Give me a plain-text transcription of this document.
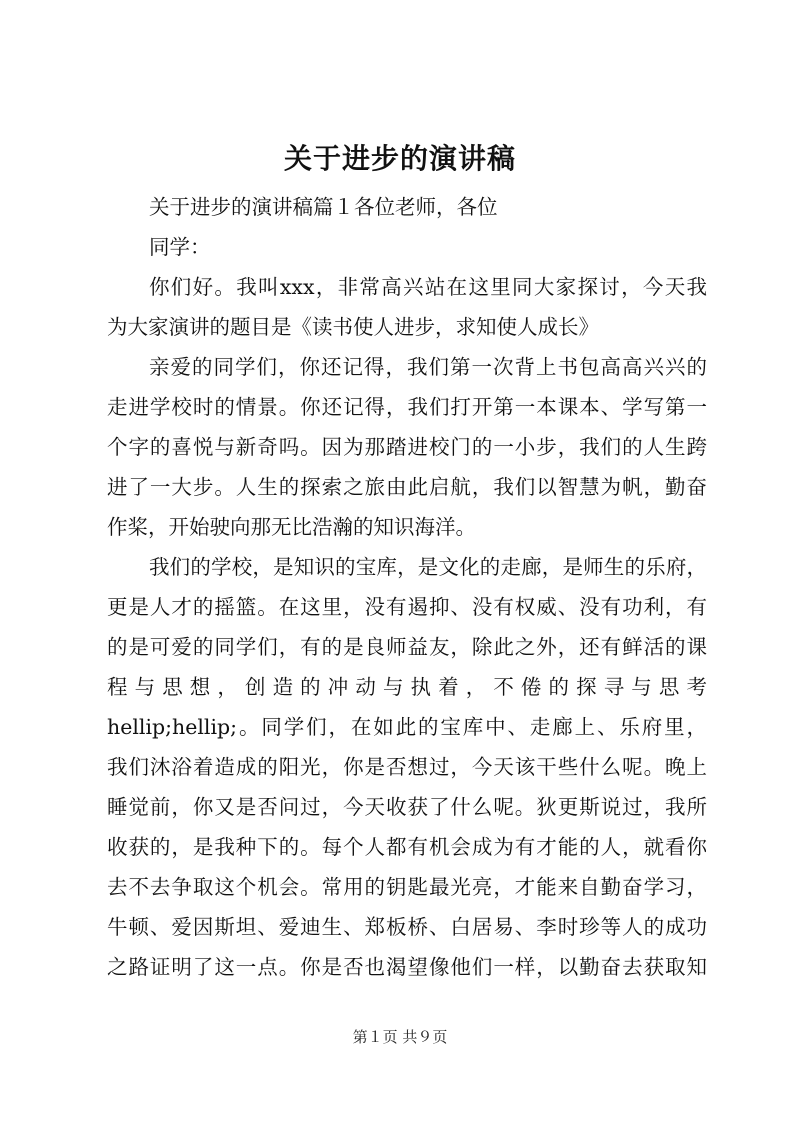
关于进步的演讲稿
关于进步的演讲稿篇１各位老师，各位
同学：
你们好。我叫xxx，非常高兴站在这里同大家探讨，今天我
为大家演讲的题目是《读书使人进步，求知使人成长》
亲爱的同学们，你还记得，我们第一次背上书包高高兴兴的
走进学校时的情景。你还记得，我们打开第一本课本、学写第一
个字的喜悦与新奇吗。因为那踏进校门的一小步，我们的人生跨
进了一大步。人生的探索之旅由此启航，我们以智慧为帆，勤奋
作桨，开始驶向那无比浩瀚的知识海洋。
我们的学校，是知识的宝库，是文化的走廊，是师生的乐府，
更是人才的摇篮。在这里，没有遏抑、没有权威、没有功利，有
的是可爱的同学们，有的是良师益友，除此之外，还有鲜活的课
程与思想，创造的冲动与执着，不倦的探寻与思考
hellip;hellip;。同学们，在如此的宝库中、走廊上、乐府里，
我们沐浴着造成的阳光，你是否想过，今天该干些什么呢。晚上
睡觉前，你又是否问过，今天收获了什么呢。狄更斯说过，我所
收获的，是我种下的。每个人都有机会成为有才能的人，就看你
去不去争取这个机会。常用的钥匙最光亮，才能来自勤奋学习，
牛顿、爱因斯坦、爱迪生、郑板桥、白居易、李时珍等人的成功
之路证明了这一点。你是否也渴望像他们一样，以勤奋去获取知
第１页 共９页
